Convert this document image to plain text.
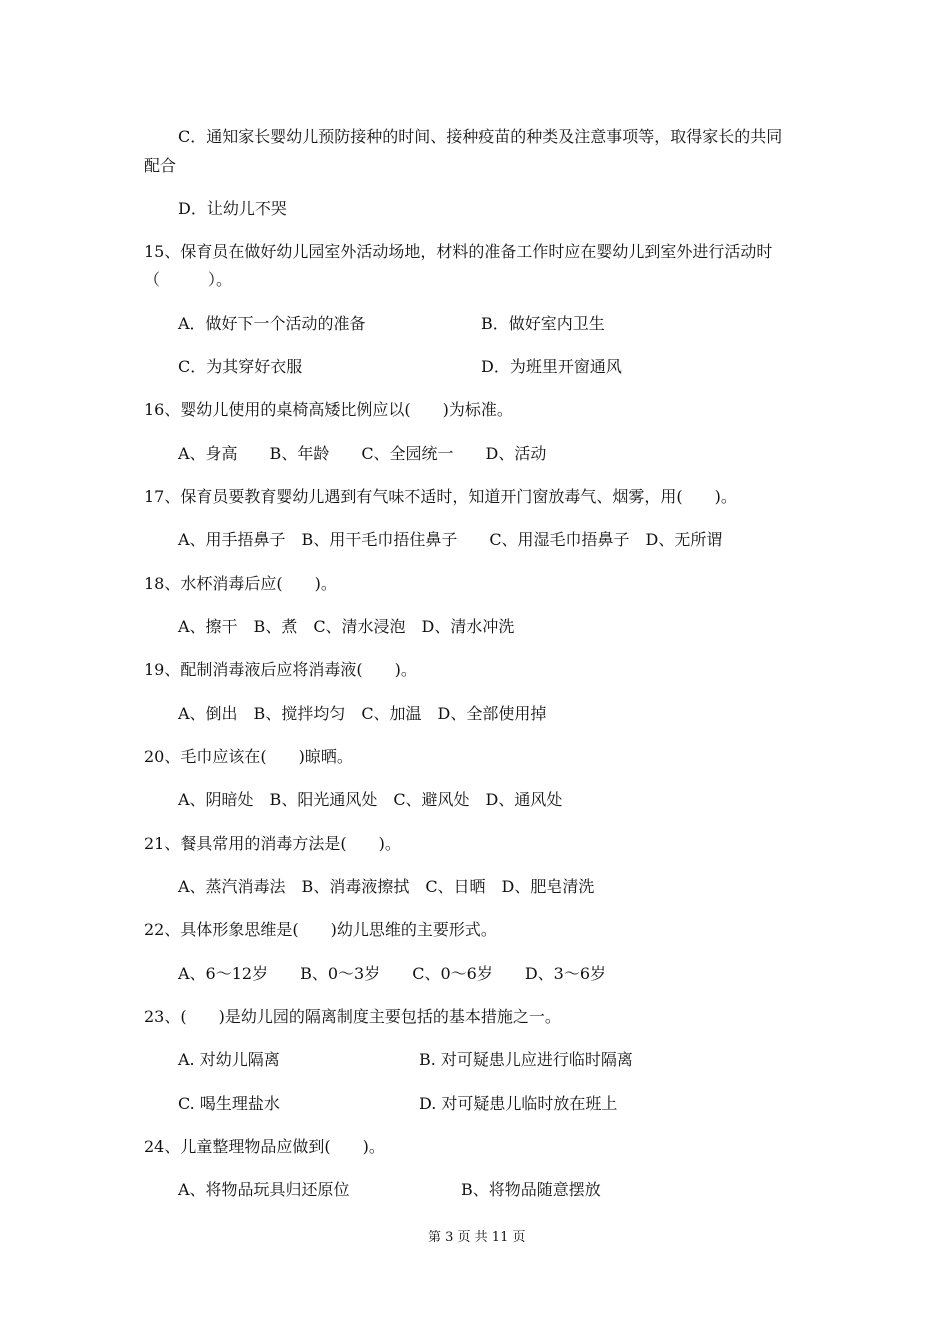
C．通知家长婴幼儿预防接种的时间、接种疫苗的种类及注意事项等，取得家长的共同
配合
D．让幼儿不哭
15、保育员在做好幼儿园室外活动场地，材料的准备工作时应在婴幼儿到室外进行活动时
（　　　）。
A．做好下一个活动的准备	B．做好室内卫生
C．为其穿好衣服	D．为班里开窗通风
16、婴幼儿使用的桌椅高矮比例应以(　　)为标准。
A、身高　　B、年龄　　C、全园统一　　D、活动
17、保育员要教育婴幼儿遇到有气味不适时，知道开门窗放毒气、烟雾，用(　　)。
A、用手捂鼻子　B、用干毛巾捂住鼻子　　C、用湿毛巾捂鼻子　D、无所谓
18、水杯消毒后应(　　)。
A、擦干　B、煮　C、清水浸泡　D、清水冲洗
19、配制消毒液后应将消毒液(　　)。
A、倒出　B、搅拌均匀　C、加温　D、全部使用掉
20、毛巾应该在(　　)晾晒。
A、阴暗处　B、阳光通风处　C、避风处　D、通风处
21、餐具常用的消毒方法是(　　)。
A、蒸汽消毒法　B、消毒液擦拭　C、日晒　D、肥皂清洗
22、具体形象思维是(　　)幼儿思维的主要形式。
A、6～12岁　　B、0～3岁　　C、0～6岁　　D、3～6岁
23、(　　)是幼儿园的隔离制度主要包括的基本措施之一。
A. 对幼儿隔离	B. 对可疑患儿应进行临时隔离
C. 喝生理盐水	D. 对可疑患儿临时放在班上
24、儿童整理物品应做到(　　)。
A、将物品玩具归还原位	B、将物品随意摆放
第 3 页 共 11 页
